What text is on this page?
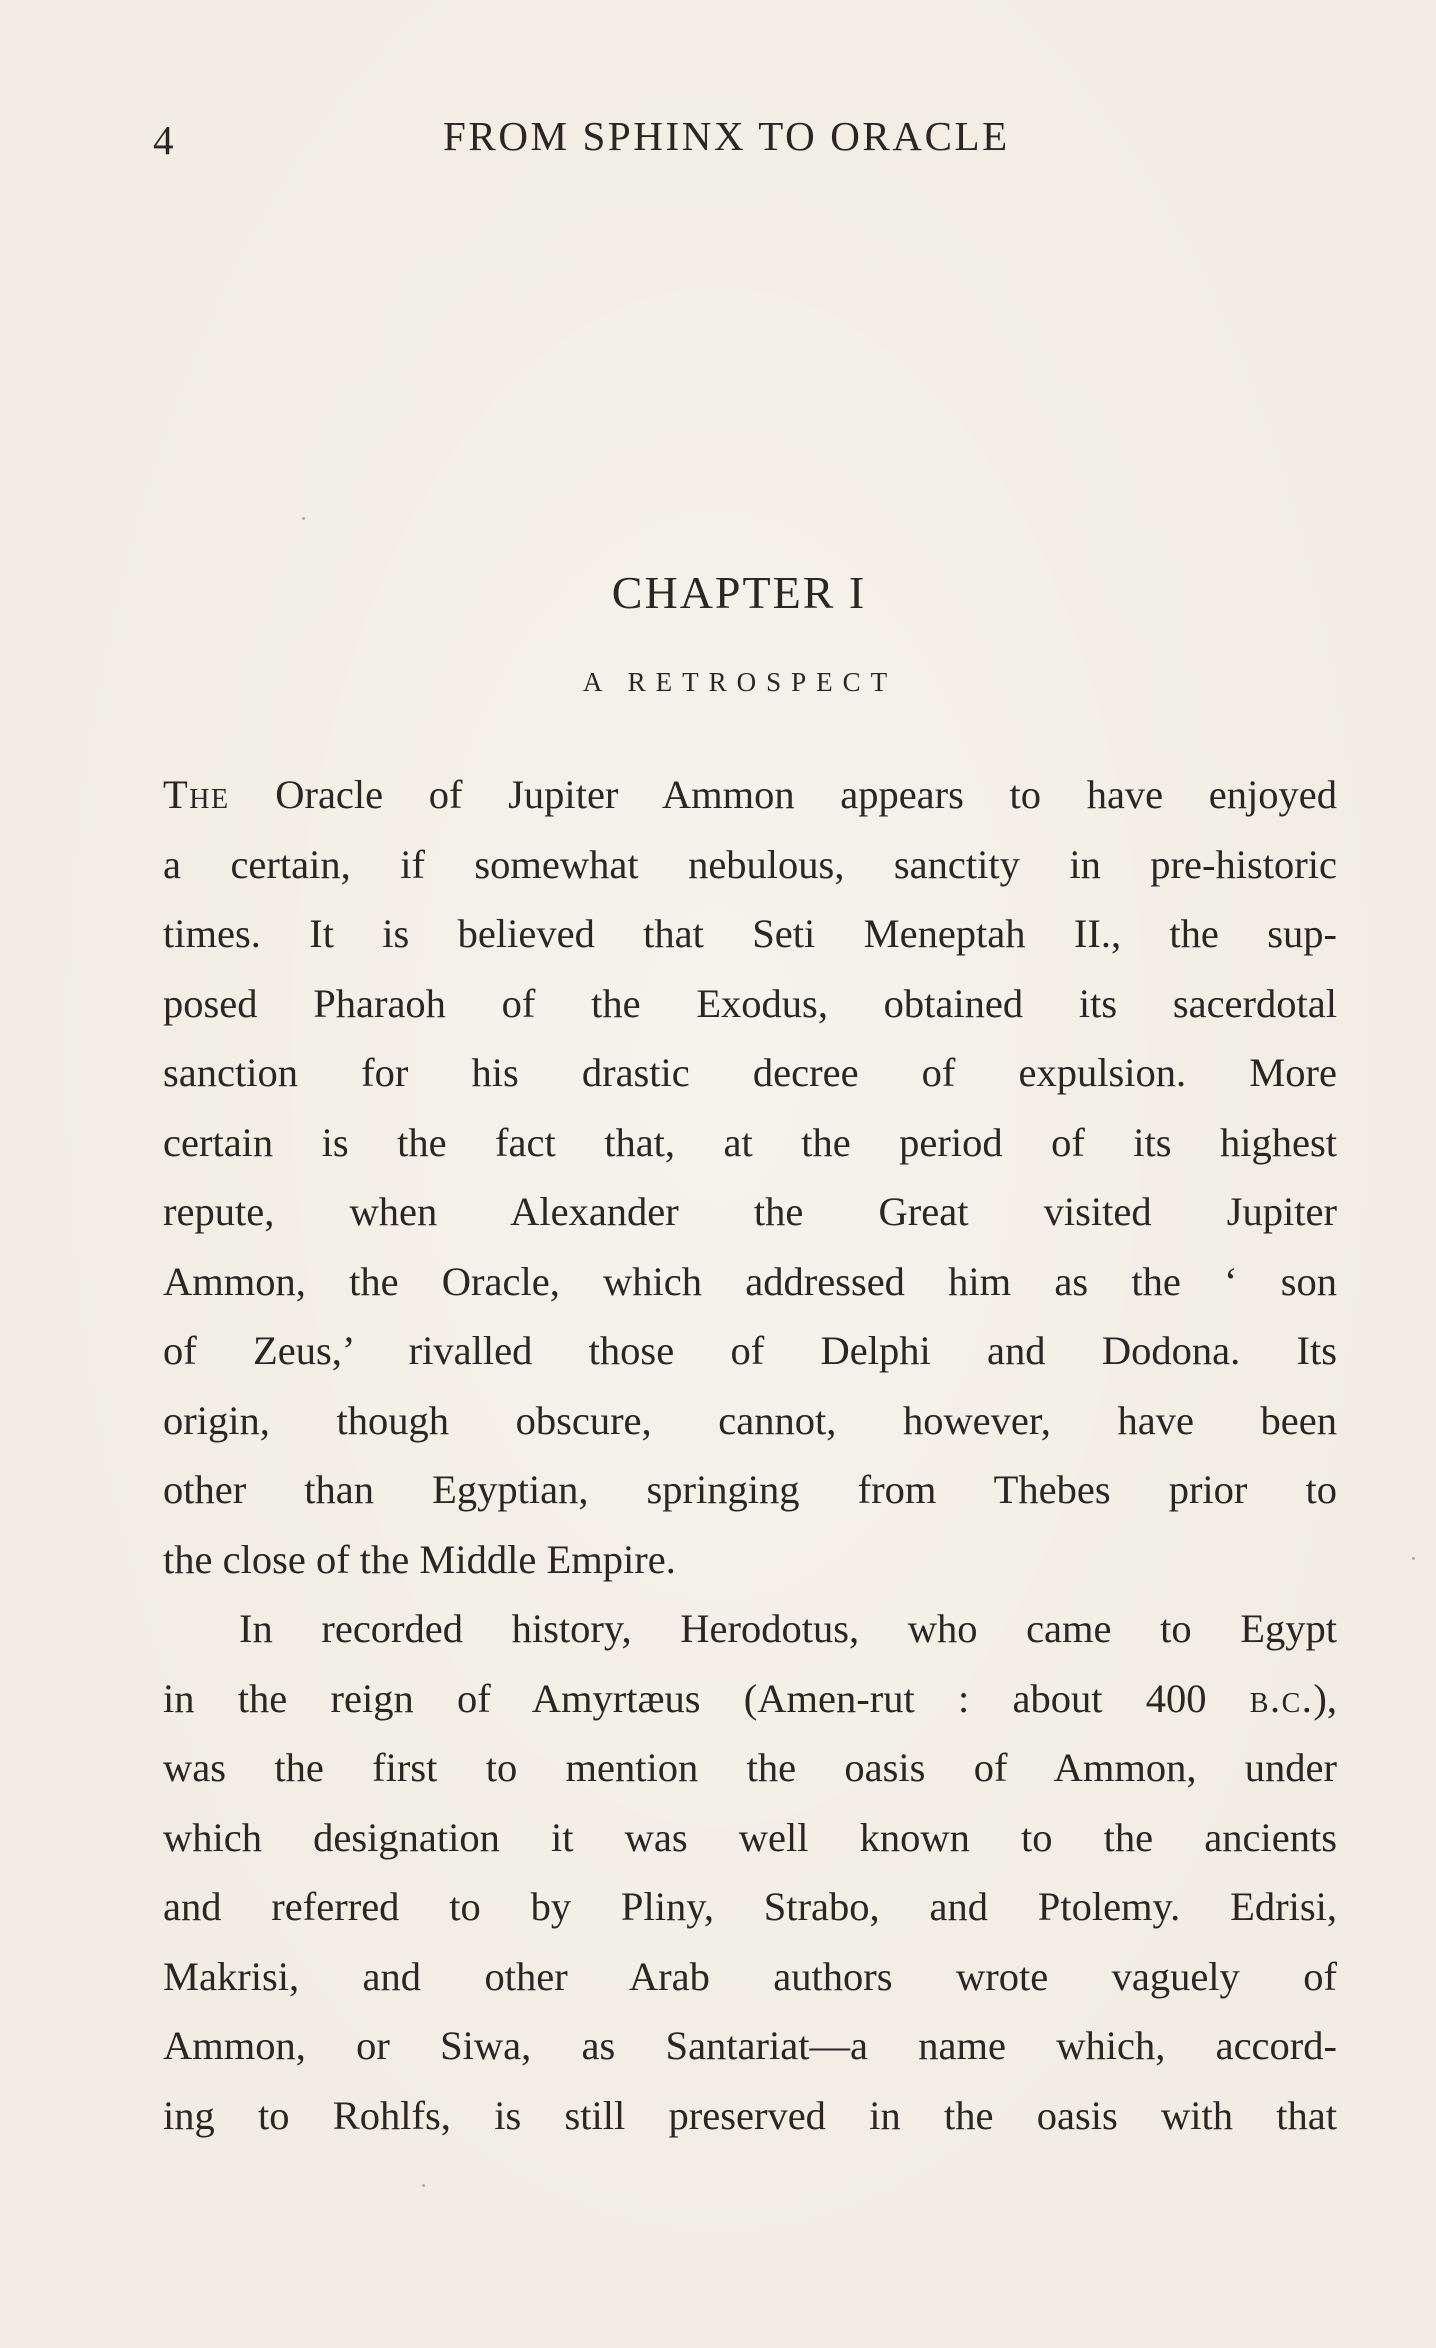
4	FROM SPHINX TO ORACLE
CHAPTER I
A RETROSPECT
The Oracle of Jupiter Ammon appears to have enjoyed
a certain, if somewhat nebulous, sanctity in pre-historic
times. It is believed that Seti Meneptah II., the sup-
posed Pharaoh of the Exodus, obtained its sacerdotal
sanction for his drastic decree of expulsion. More
certain is the fact that, at the period of its highest
repute, when Alexander the Great visited Jupiter
Ammon, the Oracle, which addressed him as the ‘ son
of Zeus,’ rivalled those of Delphi and Dodona. Its
origin, though obscure, cannot, however, have been
other than Egyptian, springing from Thebes prior to
the close of the Middle Empire.
In recorded history, Herodotus, who came to Egypt
in the reign of Amyrtæus (Amen-rut : about 400 b.c.),
was the first to mention the oasis of Ammon, under
which designation it was well known to the ancients
and referred to by Pliny, Strabo, and Ptolemy. Edrisi,
Makrisi, and other Arab authors wrote vaguely of
Ammon, or Siwa, as Santariat—a name which, accord-
ing to Rohlfs, is still preserved in the oasis with that
